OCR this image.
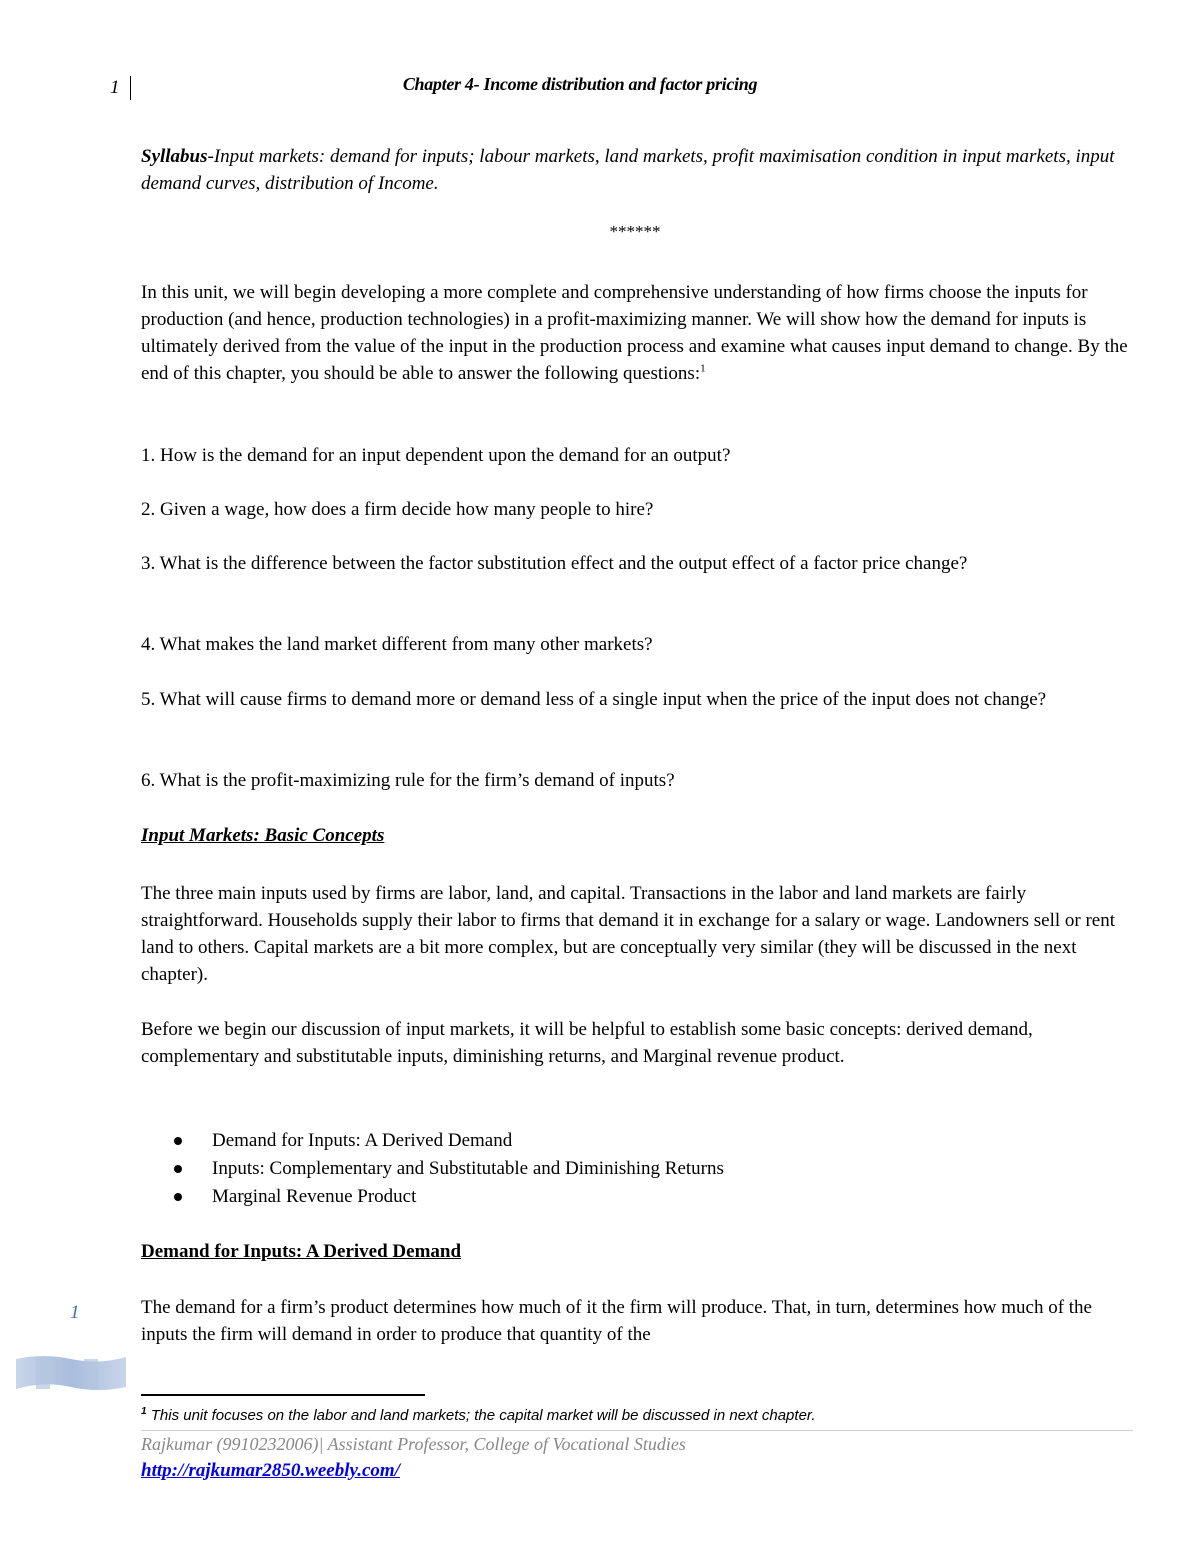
1	Chapter 4- Income distribution and factor pricing
Syllabus-Input markets: demand for inputs; labour markets, land markets, profit maximisation condition in input markets, input demand curves, distribution of Income.
******
In this unit, we will begin developing a more complete and comprehensive understanding of how firms choose the inputs for production (and hence, production technologies) in a profit-maximizing manner. We will show how the demand for inputs is ultimately derived from the value of the input in the production process and examine what causes input demand to change. By the end of this chapter, you should be able to answer the following questions:$^1$
1. How is the demand for an input dependent upon the demand for an output?
2. Given a wage, how does a firm decide how many people to hire?
3. What is the difference between the factor substitution effect and the output effect of a factor price change?
4. What makes the land market different from many other markets?
5. What will cause firms to demand more or demand less of a single input when the price of the input does not change?
6. What is the profit-maximizing rule for the firm’s demand of inputs?
Input Markets: Basic Concepts
The three main inputs used by firms are labor, land, and capital. Transactions in the labor and land markets are fairly straightforward. Households supply their labor to firms that demand it in exchange for a salary or wage. Landowners sell or rent land to others. Capital markets are a bit more complex, but are conceptually very similar (they will be discussed in the next chapter).
Before we begin our discussion of input markets, it will be helpful to establish some basic concepts: derived demand, complementary and substitutable inputs, diminishing returns, and Marginal revenue product.
Demand for Inputs: A Derived Demand
Inputs: Complementary and Substitutable and Diminishing Returns
Marginal Revenue Product
Demand for Inputs: A Derived Demand
The demand for a firm’s product determines how much of it the firm will produce. That, in turn, determines how much of the inputs the firm will demand in order to produce that quantity of the
1
$^1$ This unit focuses on the labor and land markets; the capital market will be discussed in next chapter.
Rajkumar (9910232006)| Assistant Professor, College of Vocational Studies
http://rajkumar2850.weebly.com/
